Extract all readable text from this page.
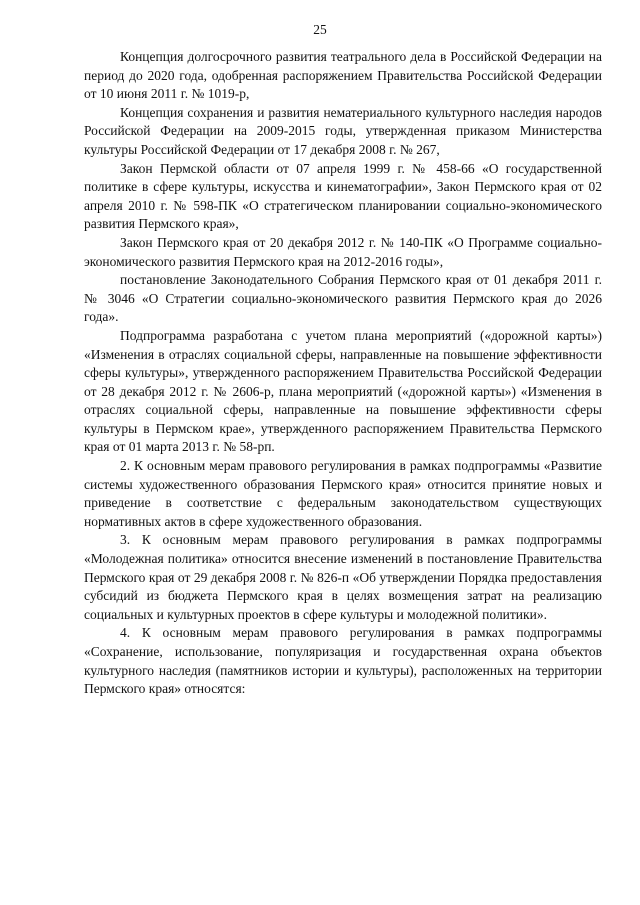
25

Концепция долгосрочного развития театрального дела в Российской Федерации на период до 2020 года, одобренная распоряжением Правительства Российской Федерации от 10 июня 2011 г. № 1019-р,

Концепция сохранения и развития нематериального культурного наследия народов Российской Федерации на 2009-2015 годы, утвержденная приказом Министерства культуры Российской Федерации от 17 декабря 2008 г. № 267,

Закон Пермской области от 07 апреля 1999 г. № 458-66 «О государственной политике в сфере культуры, искусства и кинематографии», Закон Пермского края от 02 апреля 2010 г. № 598-ПК «О стратегическом планировании социально-экономического развития Пермского края»,

Закон Пермского края от 20 декабря 2012 г. № 140-ПК «О Программе социально-экономического развития Пермского края на 2012-2016 годы»,

постановление Законодательного Собрания Пермского края от 01 декабря 2011 г. № 3046 «О Стратегии социально-экономического развития Пермского края до 2026 года».

Подпрограмма разработана с учетом плана мероприятий («дорожной карты») «Изменения в отраслях социальной сферы, направленные на повышение эффективности сферы культуры», утвержденного распоряжением Правительства Российской Федерации от 28 декабря 2012 г. № 2606-р, плана мероприятий («дорожной карты») «Изменения в отраслях социальной сферы, направленные на повышение эффективности сферы культуры в Пермском крае», утвержденного распоряжением Правительства Пермского края от 01 марта 2013 г. № 58-рп.

2. К основным мерам правового регулирования в рамках подпрограммы «Развитие системы художественного образования Пермского края» относится принятие новых и приведение в соответствие с федеральным законодательством существующих нормативных актов в сфере художественного образования.

3. К основным мерам правового регулирования в рамках подпрограммы «Молодежная политика» относится внесение изменений в постановление Правительства Пермского края от 29 декабря 2008 г. № 826-п «Об утверждении Порядка предоставления субсидий из бюджета Пермского края в целях возмещения затрат на реализацию социальных и культурных проектов в сфере культуры и молодежной политики».

4. К основным мерам правового регулирования в рамках подпрограммы «Сохранение, использование, популяризация и государственная охрана объектов культурного наследия (памятников истории и культуры), расположенных на территории Пермского края» относятся:
